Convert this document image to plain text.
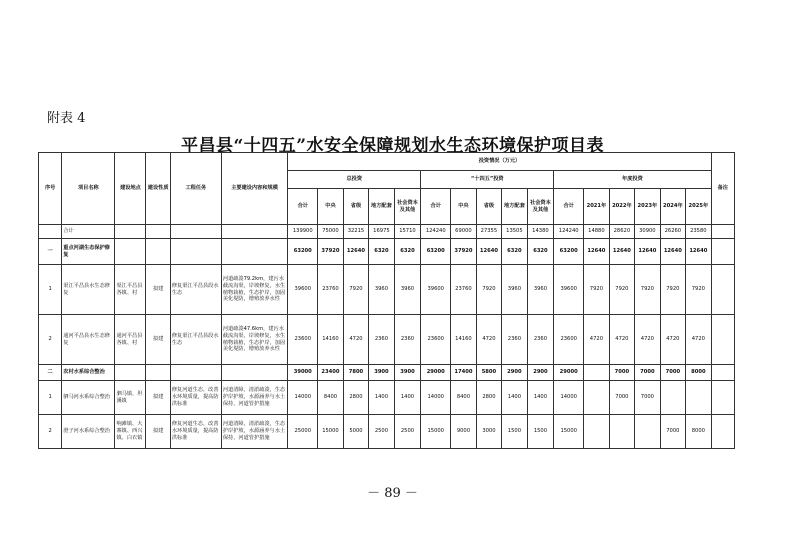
附表 4
平昌县“十四五”水安全保障规划水生态环境保护项目表
序号	项目名称	建设地点	建设性质	工程任务	主要建设内容和规模	投资情况（万元）																备注
						总投资					“十四五”投资					年度投资						
						合计	中央	省级	地方配套	社会资本及其他	合计	中央	省级	地方配套	社会资本及其他	合计	2021年	2022年	2023年	2024年	2025年	
	合计					139900	75000	32215	16975	15710	124240	69000	27355	13505	14380	124240	14880	28620	30900	26260	23580	
一	重点河湖生态保护修复					63200	37920	12640	6320	6320	63200	37920	12640	6320	6320	63200	12640	12640	12640	12640	12640	
1	渠江平昌县水生态修复	渠江平昌县各镇、村	拟建	修复渠江平昌县段水生态	河道疏浚79.2km，建污水截流沟渠，岸坡修复，水生植物栽植，生态护岸，加固美化堤防，增殖放养水性	39600	23760	7920	3960	3960	39600	23760	7920	3960	3960	39600	7920	7920	7920	7920	7920	
2	通河平昌县水生态修复	通河平昌县各镇、村	拟建	修复渠江平昌县段水生态	河道疏浚47.6km，建污水截流沟渠，岸坡修复，水生植物栽植，生态护岸，加固美化堤防，增殖放养水性	23600	14160	4720	2360	2360	23600	14160	4720	2360	2360	23600	4720	4720	4720	4720	4720	
二	农村水系综合整治					39000	23400	7800	3900	3900	29000	17400	5800	2900	2900	29000		7000	7000	7000	8000	
1	驷马河水系综合整治	驷马镇、坦溪镇	拟建	修复河道生态，改善水环境质量，提高防洪标准	河道清障，清淤疏浚，生态护岸护坡，水源涵养与水土保持，河道管护措施	14000	8400	2800	1400	1400	14000	8400	2800	1400	1400	14000		7000	7000			
2	澄子河水系综合整治	响滩镇、大寨镇、西兴镇、白衣镇	拟建	修复河道生态，改善水环境质量，提高防洪标准	河道清障，清淤疏浚，生态护岸护坡，水源涵养与水土保持，河道管护措施	25000	15000	5000	2500	2500	15000	9000	3000	1500	1500	15000				7000	8000	
－ 89 －
